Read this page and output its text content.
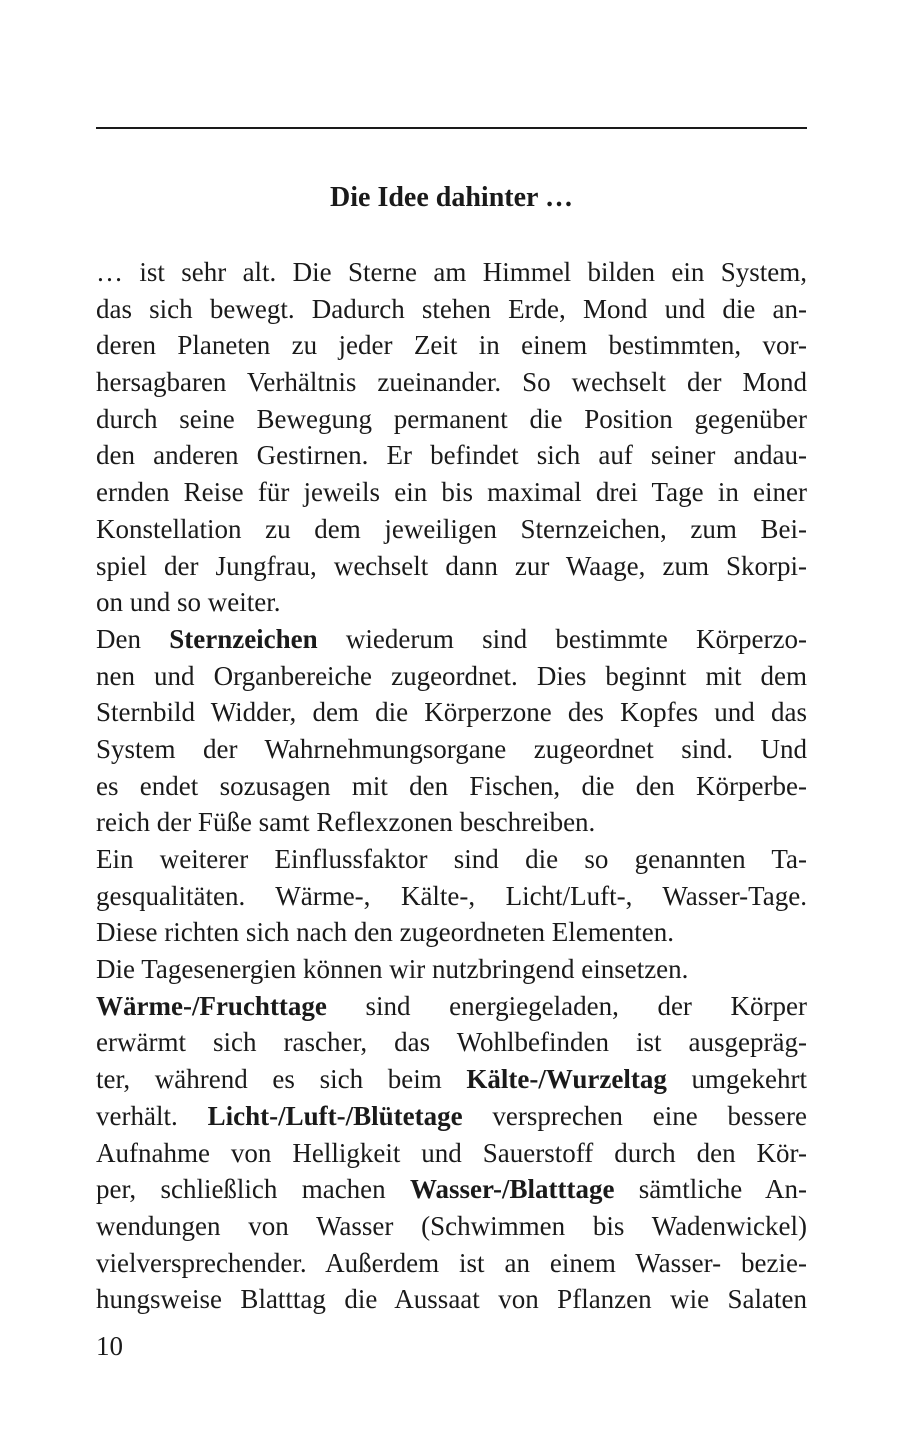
Die Idee dahinter …
… ist sehr alt. Die Sterne am Himmel bilden ein System,
das sich bewegt. Dadurch stehen Erde, Mond und die an-
deren Planeten zu jeder Zeit in einem bestimmten, vor-
hersagbaren Verhältnis zueinander. So wechselt der Mond
durch seine Bewegung permanent die Position gegenüber
den anderen Gestirnen. Er befindet sich auf seiner andau-
ernden Reise für jeweils ein bis maximal drei Tage in einer
Konstellation zu dem jeweiligen Sternzeichen, zum Bei-
spiel der Jungfrau, wechselt dann zur Waage, zum Skorpi-
on und so weiter.
Den Sternzeichen wiederum sind bestimmte Körperzo-
nen und Organbereiche zugeordnet. Dies beginnt mit dem
Sternbild Widder, dem die Körperzone des Kopfes und das
System der Wahrnehmungsorgane zugeordnet sind. Und
es endet sozusagen mit den Fischen, die den Körperbe-
reich der Füße samt Reflexzonen beschreiben.
Ein weiterer Einflussfaktor sind die so genannten Ta-
gesqualitäten. Wärme-, Kälte-, Licht/Luft-, Wasser-Tage.
Diese richten sich nach den zugeordneten Elementen.
Die Tagesenergien können wir nutzbringend einsetzen.
Wärme-/Fruchttage sind energiegeladen, der Körper
erwärmt sich rascher, das Wohlbefinden ist ausgepräg-
ter, während es sich beim Kälte-/Wurzeltag umgekehrt
verhält. Licht-/Luft-/Blütetage versprechen eine bessere
Aufnahme von Helligkeit und Sauerstoff durch den Kör-
per, schließlich machen Wasser-/Blatttage sämtliche An-
wendungen von Wasser (Schwimmen bis Wadenwickel)
vielversprechender. Außerdem ist an einem Wasser- bezie-
hungsweise Blatttag die Aussaat von Pflanzen wie Salaten
10
